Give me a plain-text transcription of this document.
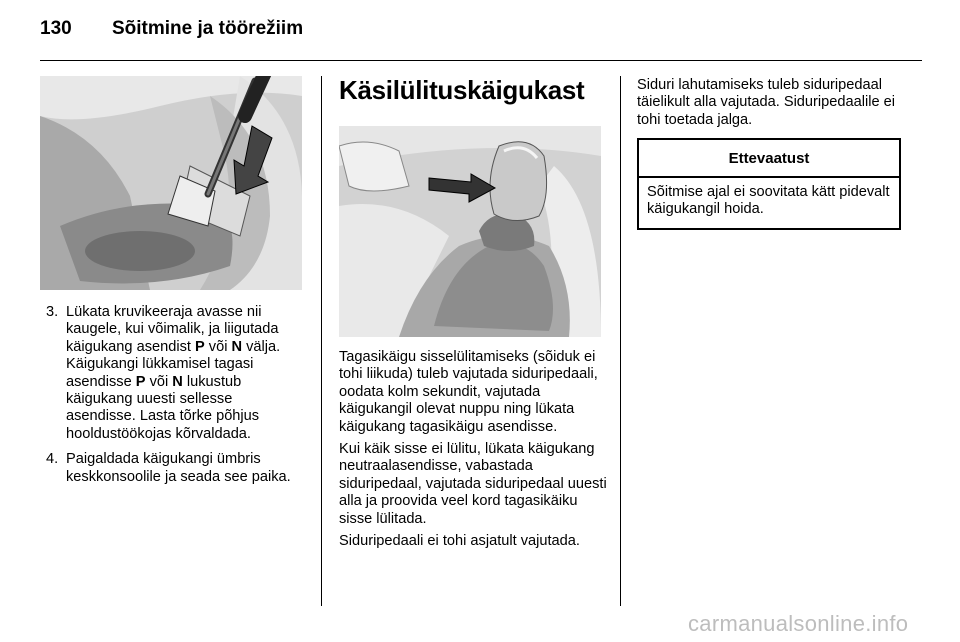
130	Sõitmine ja töörežiim
3. Lükata kruvikeeraja avasse nii kaugele, kui võimalik, ja liigutada käigukang asendist P või N välja. Käigukangi lükkamisel tagasi asendisse P või N lukustub käigukang uuesti sellesse asendisse. Lasta tõrke põhjus hooldustöökojas kõrvaldada.
4. Paigaldada käigukangi ümbris keskkonsoolile ja seada see paika.
Käsilülituskäigukast

Tagasikäigu sisselülitamiseks (sõiduk ei tohi liikuda) tuleb vajutada siduripedaali, oodata kolm sekundit, vajutada käigukangil olevat nuppu ning lükata käigukang tagasikäigu asendisse.

Kui käik sisse ei lülitu, lükata käigukang neutraalasendisse, vabastada siduripedaal, vajutada siduripedaal uuesti alla ja proovida veel kord tagasikäiku sisse lülitada.

Siduripedaali ei tohi asjatult vajutada.

Siduri lahutamiseks tuleb siduripedaal täielikult alla vajutada. Siduripedaalile ei tohi toetada jalga.
Ettevaatust
Sõitmise ajal ei soovitata kätt pidevalt käigukangil hoida.
carmanualsonline.info
